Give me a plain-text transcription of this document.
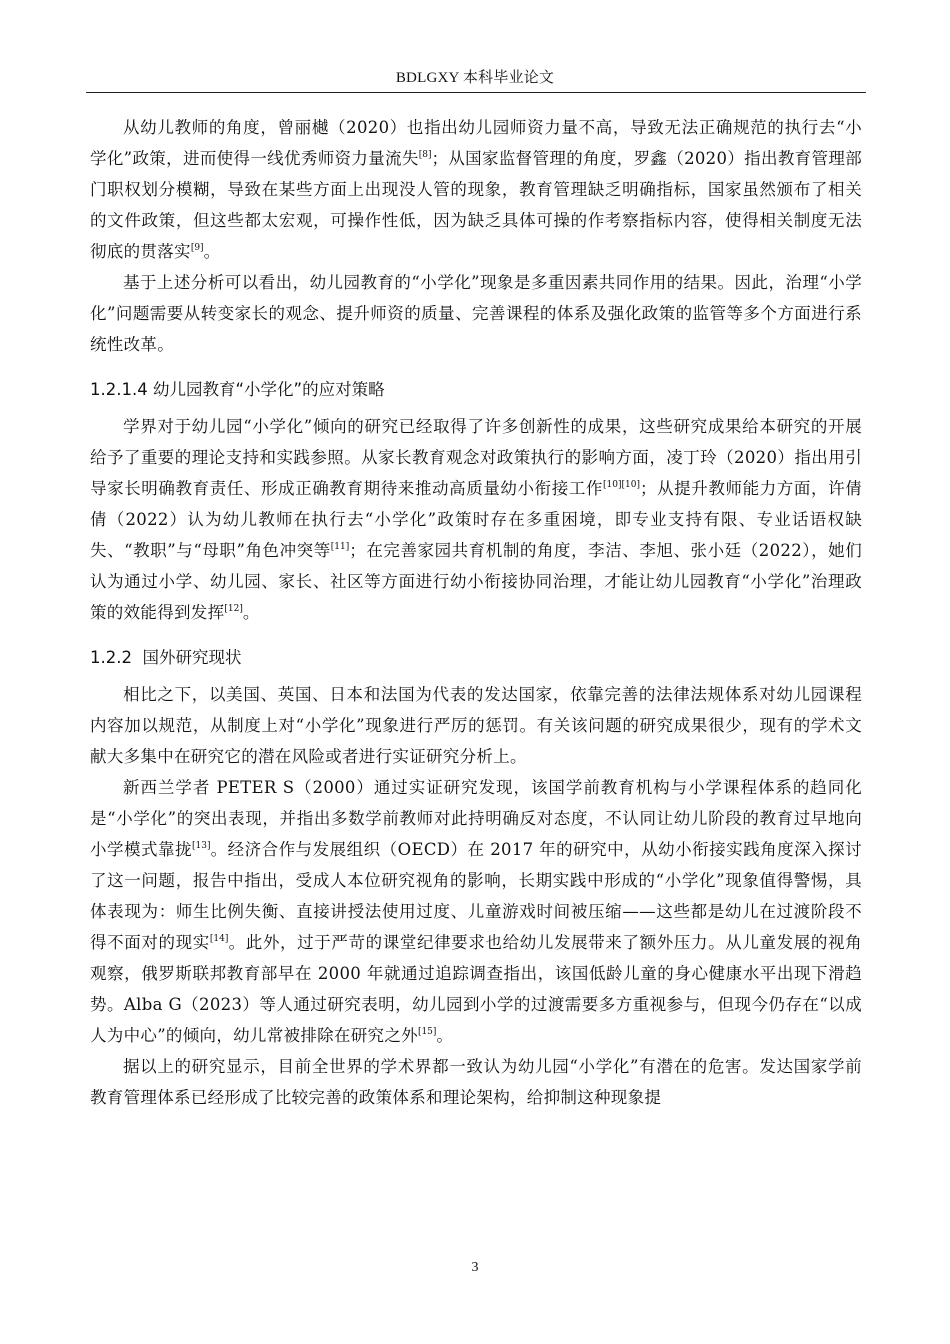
BDLGXY 本科毕业论文

从幼儿教师的角度，曾丽樾（2020）也指出幼儿园师资力量不高，导致无法正确规范的执行去“小学化”政策，进而使得一线优秀师资力量流失[8]；从国家监督管理的角度，罗鑫（2020）指出教育管理部门职权划分模糊，导致在某些方面上出现没人管的现象，教育管理缺乏明确指标，国家虽然颁布了相关的文件政策，但这些都太宏观，可操作性低，因为缺乏具体可操的作考察指标内容，使得相关制度无法彻底的贯落实[9]。

基于上述分析可以看出，幼儿园教育的“小学化”现象是多重因素共同作用的结果。因此，治理“小学化”问题需要从转变家长的观念、提升师资的质量、完善课程的体系及强化政策的监管等多个方面进行系统性改革。

1.2.1.4 幼儿园教育“小学化”的应对策略

学界对于幼儿园“小学化”倾向的研究已经取得了许多创新性的成果，这些研究成果给本研究的开展给予了重要的理论支持和实践参照。从家长教育观念对政策执行的影响方面，凌丁玲（2020）指出用引导家长明确教育责任、形成正确教育期待来推动高质量幼小衔接工作[10][10]；从提升教师能力方面，许倩倩（2022）认为幼儿教师在执行去“小学化”政策时存在多重困境，即专业支持有限、专业话语权缺失、“教职”与“母职”角色冲突等[11]；在完善家园共育机制的角度，李洁、李旭、张小廷（2022），她们认为通过小学、幼儿园、家长、社区等方面进行幼小衔接协同治理，才能让幼儿园教育“小学化”治理政策的效能得到发挥[12]。

1.2.2  国外研究现状

相比之下，以美国、英国、日本和法国为代表的发达国家，依靠完善的法律法规体系对幼儿园课程内容加以规范，从制度上对“小学化”现象进行严厉的惩罚。有关该问题的研究成果很少，现有的学术文献大多集中在研究它的潜在风险或者进行实证研究分析上。

新西兰学者 PETER S（2000）通过实证研究发现，该国学前教育机构与小学课程体系的趋同化是“小学化”的突出表现，并指出多数学前教师对此持明确反对态度，不认同让幼儿阶段的教育过早地向小学模式靠拢[13]。经济合作与发展组织（OECD）在 2017 年的研究中，从幼小衔接实践角度深入探讨了这一问题，报告中指出，受成人本位研究视角的影响，长期实践中形成的“小学化”现象值得警惕，具体表现为：师生比例失衡、直接讲授法使用过度、儿童游戏时间被压缩——这些都是幼儿在过渡阶段不得不面对的现实[14]。此外，过于严苛的课堂纪律要求也给幼儿发展带来了额外压力。从儿童发展的视角观察，俄罗斯联邦教育部早在 2000 年就通过追踪调查指出，该国低龄儿童的身心健康水平出现下滑趋势。Alba G（2023）等人通过研究表明，幼儿园到小学的过渡需要多方重视参与，但现今仍存在“以成人为中心”的倾向，幼儿常被排除在研究之外[15]。

据以上的研究显示，目前全世界的学术界都一致认为幼儿园“小学化”有潜在的危害。发达国家学前教育管理体系已经形成了比较完善的政策体系和理论架构，给抑制这种现象提

3
